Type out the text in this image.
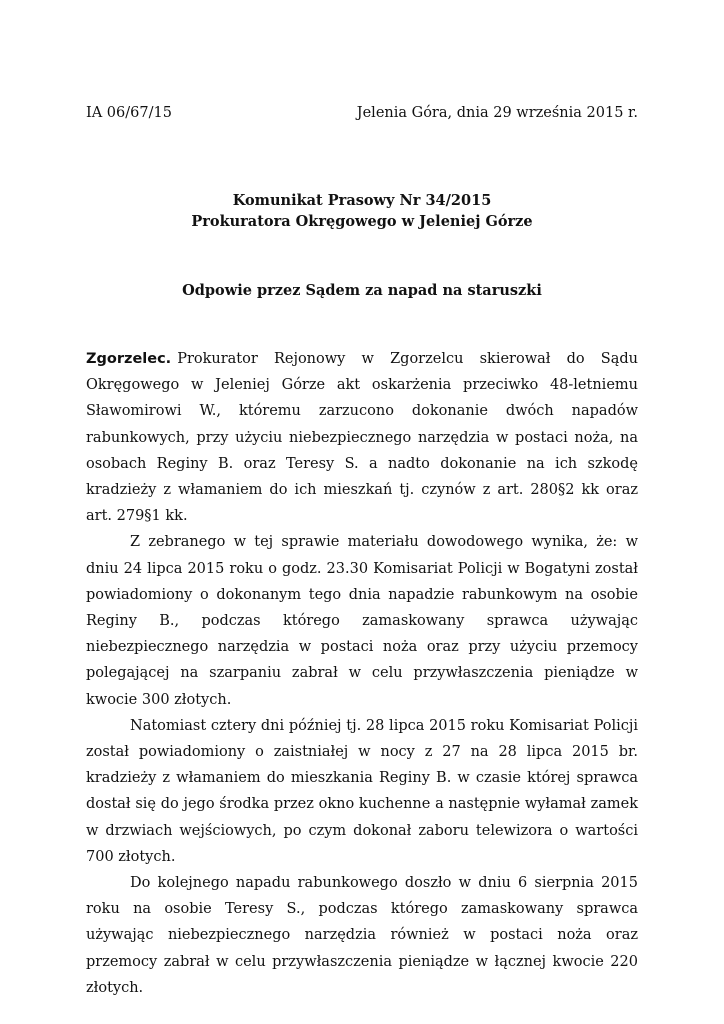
IA 06/67/15	Jelenia Góra, dnia 29 września 2015 r.
Komunikat Prasowy Nr 34/2015
Prokuratora Okręgowego w Jeleniej Górze
Odpowie przez Sądem za napad na staruszki

Zgorzelec. Prokurator Rejonowy w Zgorzelcu skierował do Sądu Okręgowego w Jeleniej Górze akt oskarżenia przeciwko 48-letniemu Sławomirowi W., któremu zarzucono dokonanie dwóch napadów rabunkowych, przy użyciu niebezpiecznego narzędzia w postaci noża, na osobach Reginy B. oraz Teresy S. a nadto dokonanie na ich szkodę kradzieży z włamaniem do ich mieszkań tj. czynów z art. 280§2 kk oraz art. 279§1 kk.

Z zebranego w tej sprawie materiału dowodowego wynika, że: w dniu 24 lipca 2015 roku o godz. 23.30 Komisariat Policji w Bogatyni został powiadomiony o dokonanym tego dnia napadzie rabunkowym na osobie Reginy B., podczas którego zamaskowany sprawca używając niebezpiecznego narzędzia w postaci noża oraz przy użyciu przemocy polegającej na szarpaniu zabrał w celu przywłaszczenia pieniądze w kwocie 300 złotych.

Natomiast cztery dni później tj. 28 lipca 2015 roku Komisariat Policji został powiadomiony o zaistniałej w nocy z 27 na 28 lipca 2015 br. kradzieży z włamaniem do mieszkania Reginy B. w czasie której sprawca dostał się do jego środka przez okno kuchenne a następnie wyłamał zamek w drzwiach wejściowych, po czym dokonał zaboru telewizora o wartości 700 złotych.

Do kolejnego napadu rabunkowego doszło w dniu 6 sierpnia 2015 roku na osobie Teresy S., podczas którego zamaskowany sprawca używając niebezpiecznego narzędzia również w postaci noża oraz przemocy zabrał w celu przywłaszczenia pieniądze w łącznej kwocie 220 złotych.
